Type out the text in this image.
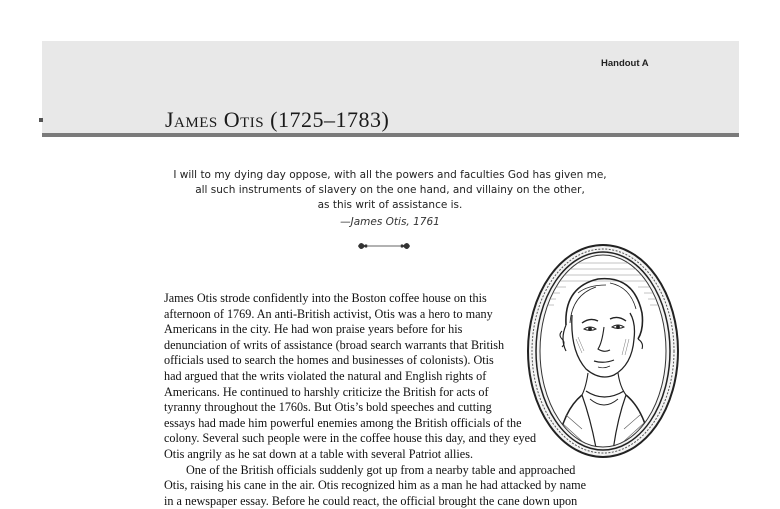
Handout A
James Otis (1725–1783)
I will to my dying day oppose, with all the powers and faculties God has given me,
all such instruments of slavery on the one hand, and villainy on the other,
as this writ of assistance is.
—James Otis, 1761
James Otis strode confidently into the Boston coffee house on this
afternoon of 1769. An anti-British activist, Otis was a hero to many
Americans in the city. He had won praise years before for his
denunciation of writs of assistance (broad search warrants that British
officials used to search the homes and businesses of colonists). Otis
had argued that the writs violated the natural and English rights of
Americans. He continued to harshly criticize the British for acts of
tyranny throughout the 1760s. But Otis’s bold speeches and cutting
essays had made him powerful enemies among the British officials of the
colony. Several such people were in the coffee house this day, and they eyed
Otis angrily as he sat down at a table with several Patriot allies.
One of the British officials suddenly got up from a nearby table and approached
Otis, raising his cane in the air. Otis recognized him as a man he had attacked by name
in a newspaper essay. Before he could react, the official brought the cane down upon
